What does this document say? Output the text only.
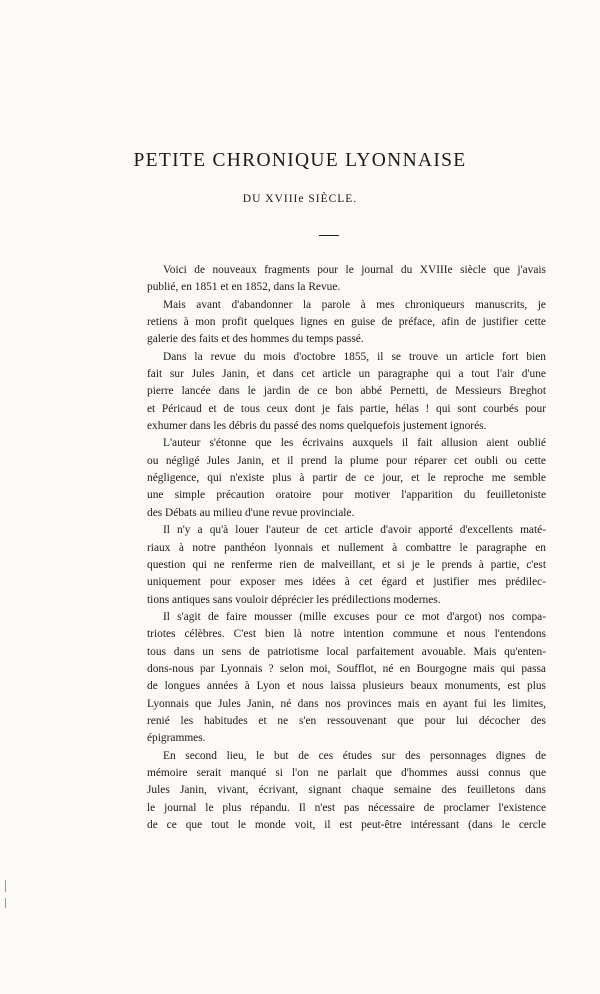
PETITE CHRONIQUE LYONNAISE
DU XVIIIe SIÈCLE.

Voici de nouveaux fragments pour le journal du XVIIIe siècle que j'avais

publié, en 1851 et en 1852, dans la Revue.

Mais avant d'abandonner la parole à mes chroniqueurs manuscrits, je

retiens à mon profit quelques lignes en guise de préface, afin de justifier cette

galerie des faits et des hommes du temps passé.

Dans la revue du mois d'octobre 1855, il se trouve un article fort bien

fait sur Jules Janin, et dans cet article un paragraphe qui a tout l'air d'une

pierre lancée dans le jardin de ce bon abbé Pernetti, de Messieurs Breghot

et Péricaud et de tous ceux dont je fais partie, hélas ! qui sont courbés pour

exhumer dans les débris du passé des noms quelquefois justement ignorés.

L'auteur s'étonne que les écrivains auxquels il fait allusion aient oublié

ou négligé Jules Janin, et il prend la plume pour réparer cet oubli ou cette

négligence, qui n'existe plus à partir de ce jour, et le reproche me semble

une simple précaution oratoire pour motiver l'apparition du feuilletoniste

des Débats au milieu d'une revue provinciale.

Il n'y a qu'à louer l'auteur de cet article d'avoir apporté d'excellents maté-

riaux à notre panthéon lyonnais et nullement à combattre le paragraphe en

question qui ne renferme rien de malveillant, et si je le prends à partie, c'est

uniquement pour exposer mes idées à cet égard et justifier mes prédilec-

tions antiques sans vouloir déprécier les prédilections modernes.

Il s'agit de faire mousser (mille excuses pour ce mot d'argot) nos compa-

triotes célèbres. C'est bien là notre intention commune et nous l'entendons

tous dans un sens de patriotisme local parfaitement avouable. Mais qu'enten-

dons-nous par Lyonnais ? selon moi, Soufflot, né en Bourgogne mais qui passa

de longues années à Lyon et nous laissa plusieurs beaux monuments, est plus

Lyonnais que Jules Janin, né dans nos provinces mais en ayant fui les limites,

renié les habitudes et ne s'en ressouvenant que pour lui décocher des

épigrammes.

En second lieu, le but de ces études sur des personnages dignes de

mémoire serait manqué si l'on ne parlait que d'hommes aussi connus que

Jules Janin, vivant, écrivant, signant chaque semaine des feuilletons dans

le journal le plus répandu. Il n'est pas nécessaire de proclamer l'existence

de ce que tout le monde voit, il est peut-être intéressant (dans le cercle
